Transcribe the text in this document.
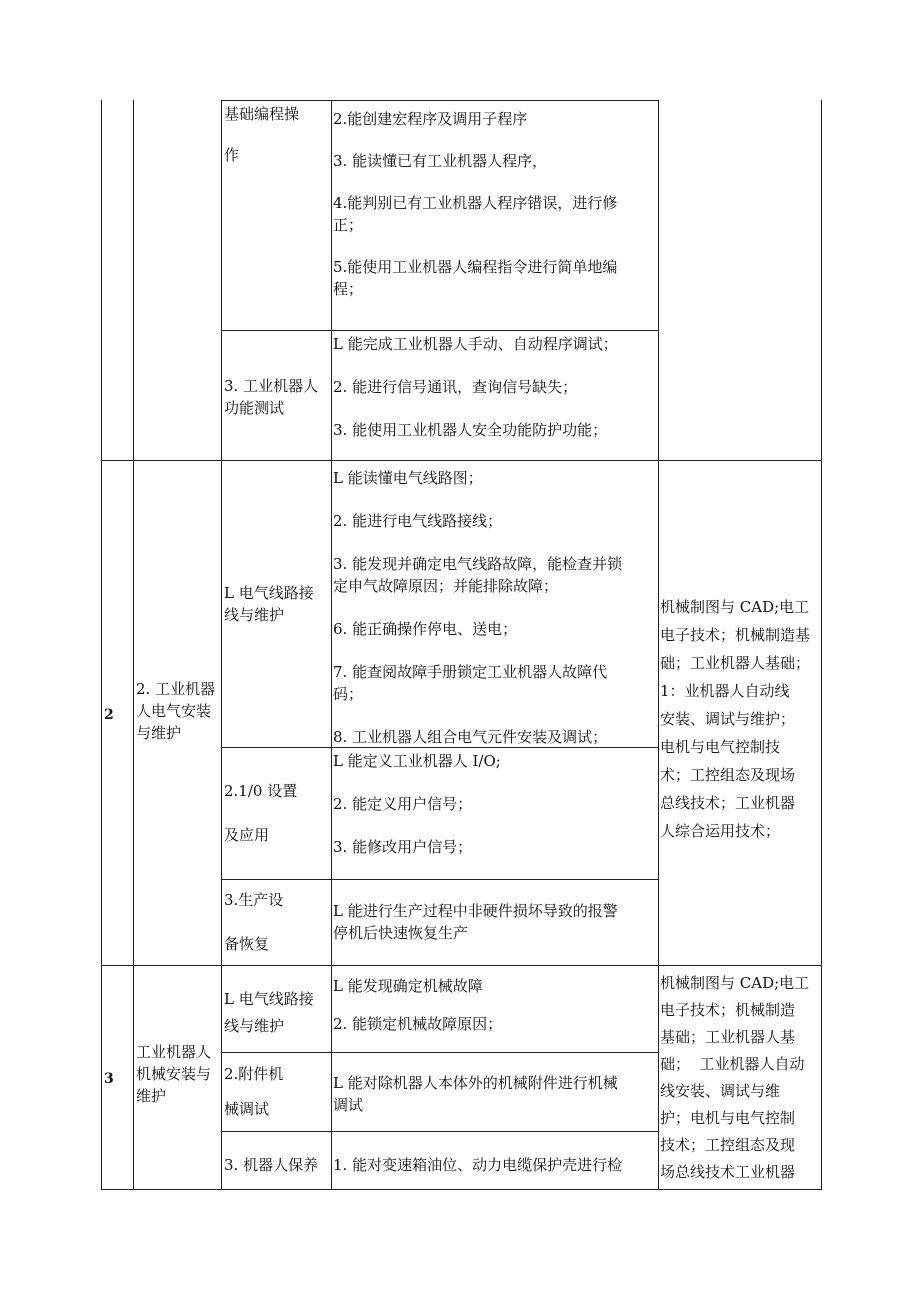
基础编程操

作

2.能创建宏程序及调用子程序

3. 能读懂已有工业机器人程序，

4.能判别已有工业机器人程序错误，进行修
正；

5.能使用工业机器人编程指令进行简单地编
程；

3. 工业机器人
功能测试

L 能完成工业机器人手动、自动程序调试；

2. 能进行信号通讯，查询信号缺失；

3. 能使用工业机器人安全功能防护功能；

2

2. 工业机器
人电气安装
与维护

L 电气线路接
线与维护

L 能读懂电气线路图；

2. 能进行电气线路接线；

3. 能发现并确定电气线路故障，能检查并锁
定申气故障原因；并能排除故障；

6. 能正确操作停电、送电；

7. 能查阅故障手册锁定工业机器人故障代
码；

8. 工业机器人组合电气元件安装及调试；

2.1/0 设置

及应用

L 能定义工业机器人 I/O;

2. 能定义用户信号；

3. 能修改用户信号；

3.生产设

备恢复

L 能进行生产过程中非硬件损坏导致的报警
停机后快速恢复生产

机械制图与 CAD;电工
电子技术；机械制造基
础；工业机器人基础；
1：业机器人自动线
安装、调试与维护；
电机与电气控制技
术；工控组态及现场
总线技术；工业机器
人综合运用技术；

3

工业机器人
机械安装与
维护

L 电气线路接
线与维护

L 能发现确定机械故障

2. 能锁定机械故障原因；

2.附件机

械调试

L 能对除机器人本体外的机械附件进行机械
调试

3. 机器人保养 1. 能对变速箱油位、动力电缆保护壳进行检

机械制图与 CAD;电工
电子技术；机械制造
基础；工业机器人基
础；  工业机器人自动
线安装、调试与维
护；电机与电气控制
技术；工控组态及现
场总线技术工业机器
